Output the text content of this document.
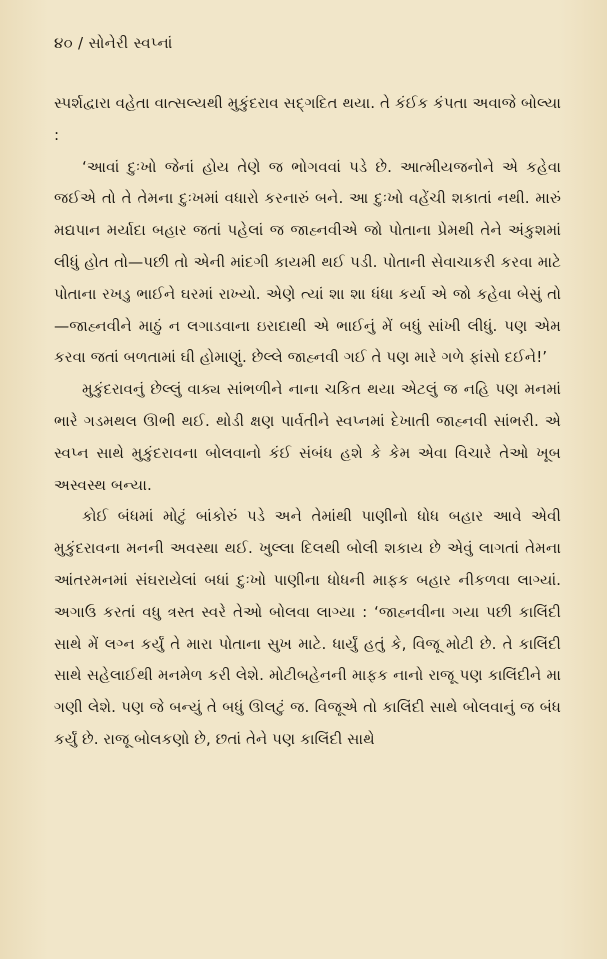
૪૦ / સોનેરી સ્વપ્નાં

સ્પર્શદ્વારા વહેતા વાત્સલ્યથી મુકુંદરાવ સદ્ગદિત થયા. તે કંઈક કંપતા અવાજે બોલ્યા :

‘આવાં દુઃખો જેનાં હોય તેણે જ ભોગવવાં પડે છે. આત્મીયજનોને એ કહેવા જઈએ તો તે તેમના દુઃખમાં વધારો કરનારું બને. આ દુઃખો વહેંચી શકાતાં નથી. મારું મદ્યપાન મર્યાદા બહાર જતાં પહેલાં જ જાહ્નવીએ જો પોતાના પ્રેમથી તેને અંકુશમાં લીધું હોત તો—પછી તો એની માંદગી કાયમી થઈ પડી. પોતાની સેવાચાકરી કરવા માટે પોતાના રખડુ ભાઈને ઘરમાં રાખ્યો. એણે ત્યાં શા શા ધંધા કર્યા એ જો કહેવા બેસું તો—જાહ્નવીને માઠું ન લગાડવાના ઇરાદાથી એ ભાઈનું મેં બધું સાંખી લીધું. પણ એમ કરવા જતાં બળતામાં ઘી હોમાણું. છેલ્લે જાહ્નવી ગઈ તે પણ મારે ગળે ફાંસો દઈને!’

મુકુંદરાવનું છેલ્લું વાક્ય સાંભળીને નાના ચકિત થયા એટલું જ નહિ પણ મનમાં ભારે ગડમથલ ઊભી થઈ. થોડી ક્ષણ પાર્વતીને સ્વપ્નમાં દેખાતી જાહ્નવી સાંભરી. એ સ્વપ્ન સાથે મુકુંદરાવના બોલવાનો કંઈ સંબંધ હશે કે કેમ એવા વિચારે તેઓ ખૂબ અસ્વસ્થ બન્યા.

કોઈ બંધમાં મોટું બાંકોરું પડે અને તેમાંથી પાણીનો ધોધ બહાર આવે એવી મુકુંદરાવના મનની અવસ્થા થઈ. ખુલ્લા દિલથી બોલી શકાય છે એવું લાગતાં તેમના આંતરમનમાં સંઘરાયેલાં બધાં દુઃખો પાણીના ધોધની માફક બહાર નીકળવા લાગ્યાં. અગાઉ કરતાં વધુ ત્રસ્ત સ્વરે તેઓ બોલવા લાગ્યા : ‘જાહ્નવીના ગયા પછી કાલિંદી સાથે મેં લગ્ન કર્યું તે મારા પોતાના સુખ માટે. ધાર્યું હતું કે, વિજૂ મોટી છે. તે કાલિંદી સાથે સહેલાઈથી મનમેળ કરી લેશે. મોટીબહેનની માફક નાનો રાજૂ પણ કાલિંદીને મા ગણી લેશે. પણ જે બન્યું તે બધું ઊલટું જ. વિજૂએ તો કાલિંદી સાથે બોલવાનું જ બંધ કર્યું છે. રાજૂ બોલકણો છે, છતાં તેને પણ કાલિંદી સાથે
